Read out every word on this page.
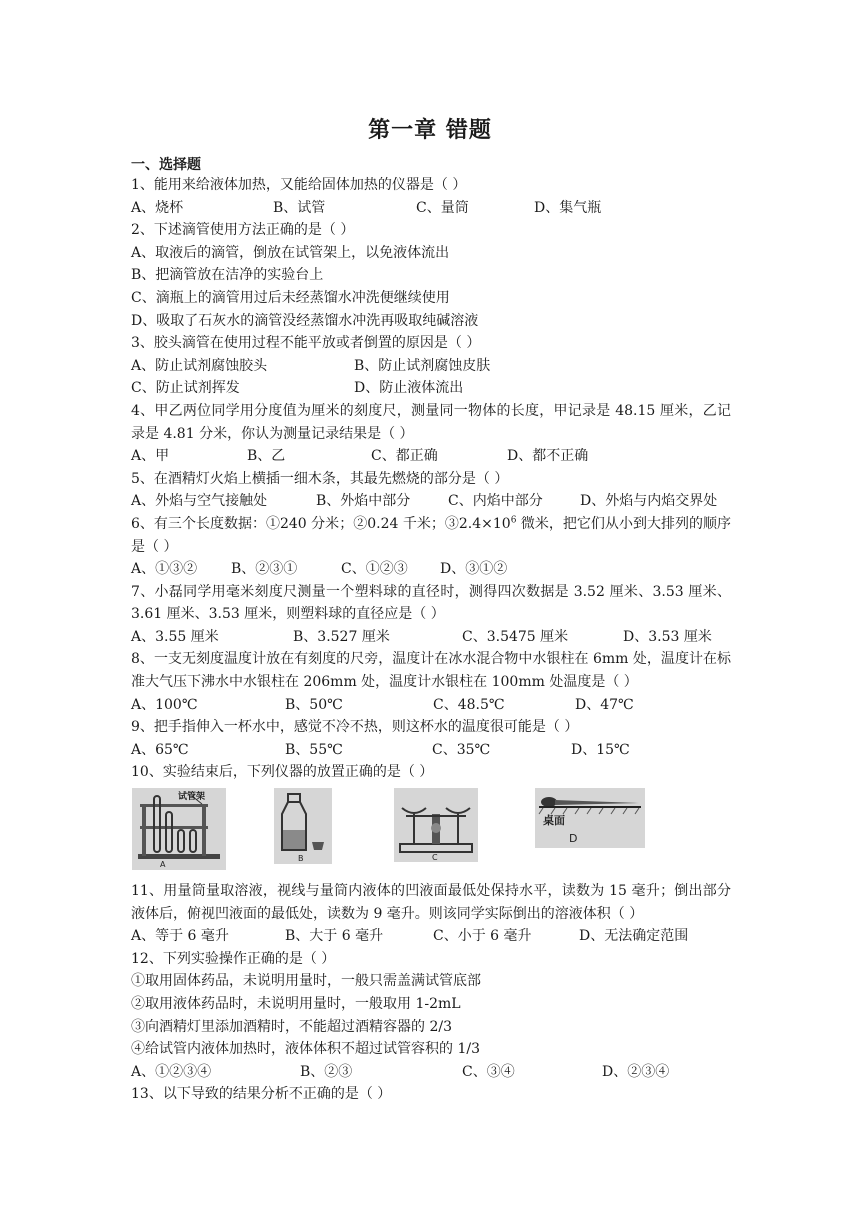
第一章 错题
一、选择题
1、能用来给液体加热，又能给固体加热的仪器是（ ）
A、烧杯	B、试管	C、量筒	D、集气瓶
2、下述滴管使用方法正确的是（ ）
A、取液后的滴管，倒放在试管架上，以免液体流出
B、把滴管放在洁净的实验台上
C、滴瓶上的滴管用过后未经蒸馏水冲洗便继续使用
D、吸取了石灰水的滴管没经蒸馏水冲洗再吸取纯碱溶液
3、胶头滴管在使用过程不能平放或者倒置的原因是（ ）
A、防止试剂腐蚀胶头	B、防止试剂腐蚀皮肤
C、防止试剂挥发	D、防止液体流出
4、甲乙两位同学用分度值为厘米的刻度尺，测量同一物体的长度，甲记录是 48.15 厘米，乙记录是 4.81 分米，你认为测量记录结果是（ ）
A、甲	B、乙	C、都正确	D、都不正确
5、在酒精灯火焰上横插一细木条，其最先燃烧的部分是（ ）
A、外焰与空气接触处	B、外焰中部分	C、内焰中部分	D、外焰与内焰交界处
6、有三个长度数据：①240 分米；②0.24 千米；$③2.4\times 10^6$ 微米，把它们从小到大排列的顺序是（ ）
A、①③②	B、②③①	C、①②③	D、③①②
7、小磊同学用毫米刻度尺测量一个塑料球的直径时，测得四次数据是 3.52 厘米、3.53 厘米、3.61 厘米、3.53 厘米，则塑料球的直径应是（ ）
A、3.55 厘米	B、3.527 厘米	C、3.5475 厘米	D、3.53 厘米
8、一支无刻度温度计放在有刻度的尺旁，温度计在冰水混合物中水银柱在 6mm 处，温度计在标准大气压下沸水中水银柱在 206mm 处，温度计水银柱在 100mm 处温度是（ ）
A、100℃	B、50℃	C、48.5℃	D、47℃
9、把手指伸入一杯水中，感觉不冷不热，则这杯水的温度很可能是（ ）
A、65℃	B、55℃	C、35℃	D、15℃
10、实验结束后，下列仪器的放置正确的是（ ）
试管架
A
B	C
桌面
D
11、用量筒量取溶液，视线与量筒内液体的凹液面最低处保持水平，读数为 15 毫升；倒出部分液体后，俯视凹液面的最低处，读数为 9 毫升。则该同学实际倒出的溶液体积（ ）
A、等于 6 毫升	B、大于 6 毫升	C、小于 6 毫升	D、无法确定范围
12、下列实验操作正确的是（ ）
①取用固体药品，未说明用量时，一般只需盖满试管底部
②取用液体药品时，未说明用量时，一般取用 1-2mL
③向酒精灯里添加酒精时，不能超过酒精容器的 2/3
④给试管内液体加热时，液体体积不超过试管容积的 1/3
A、①②③④	B、②③	C、③④	D、②③④
13、以下导致的结果分析不正确的是（ ）
